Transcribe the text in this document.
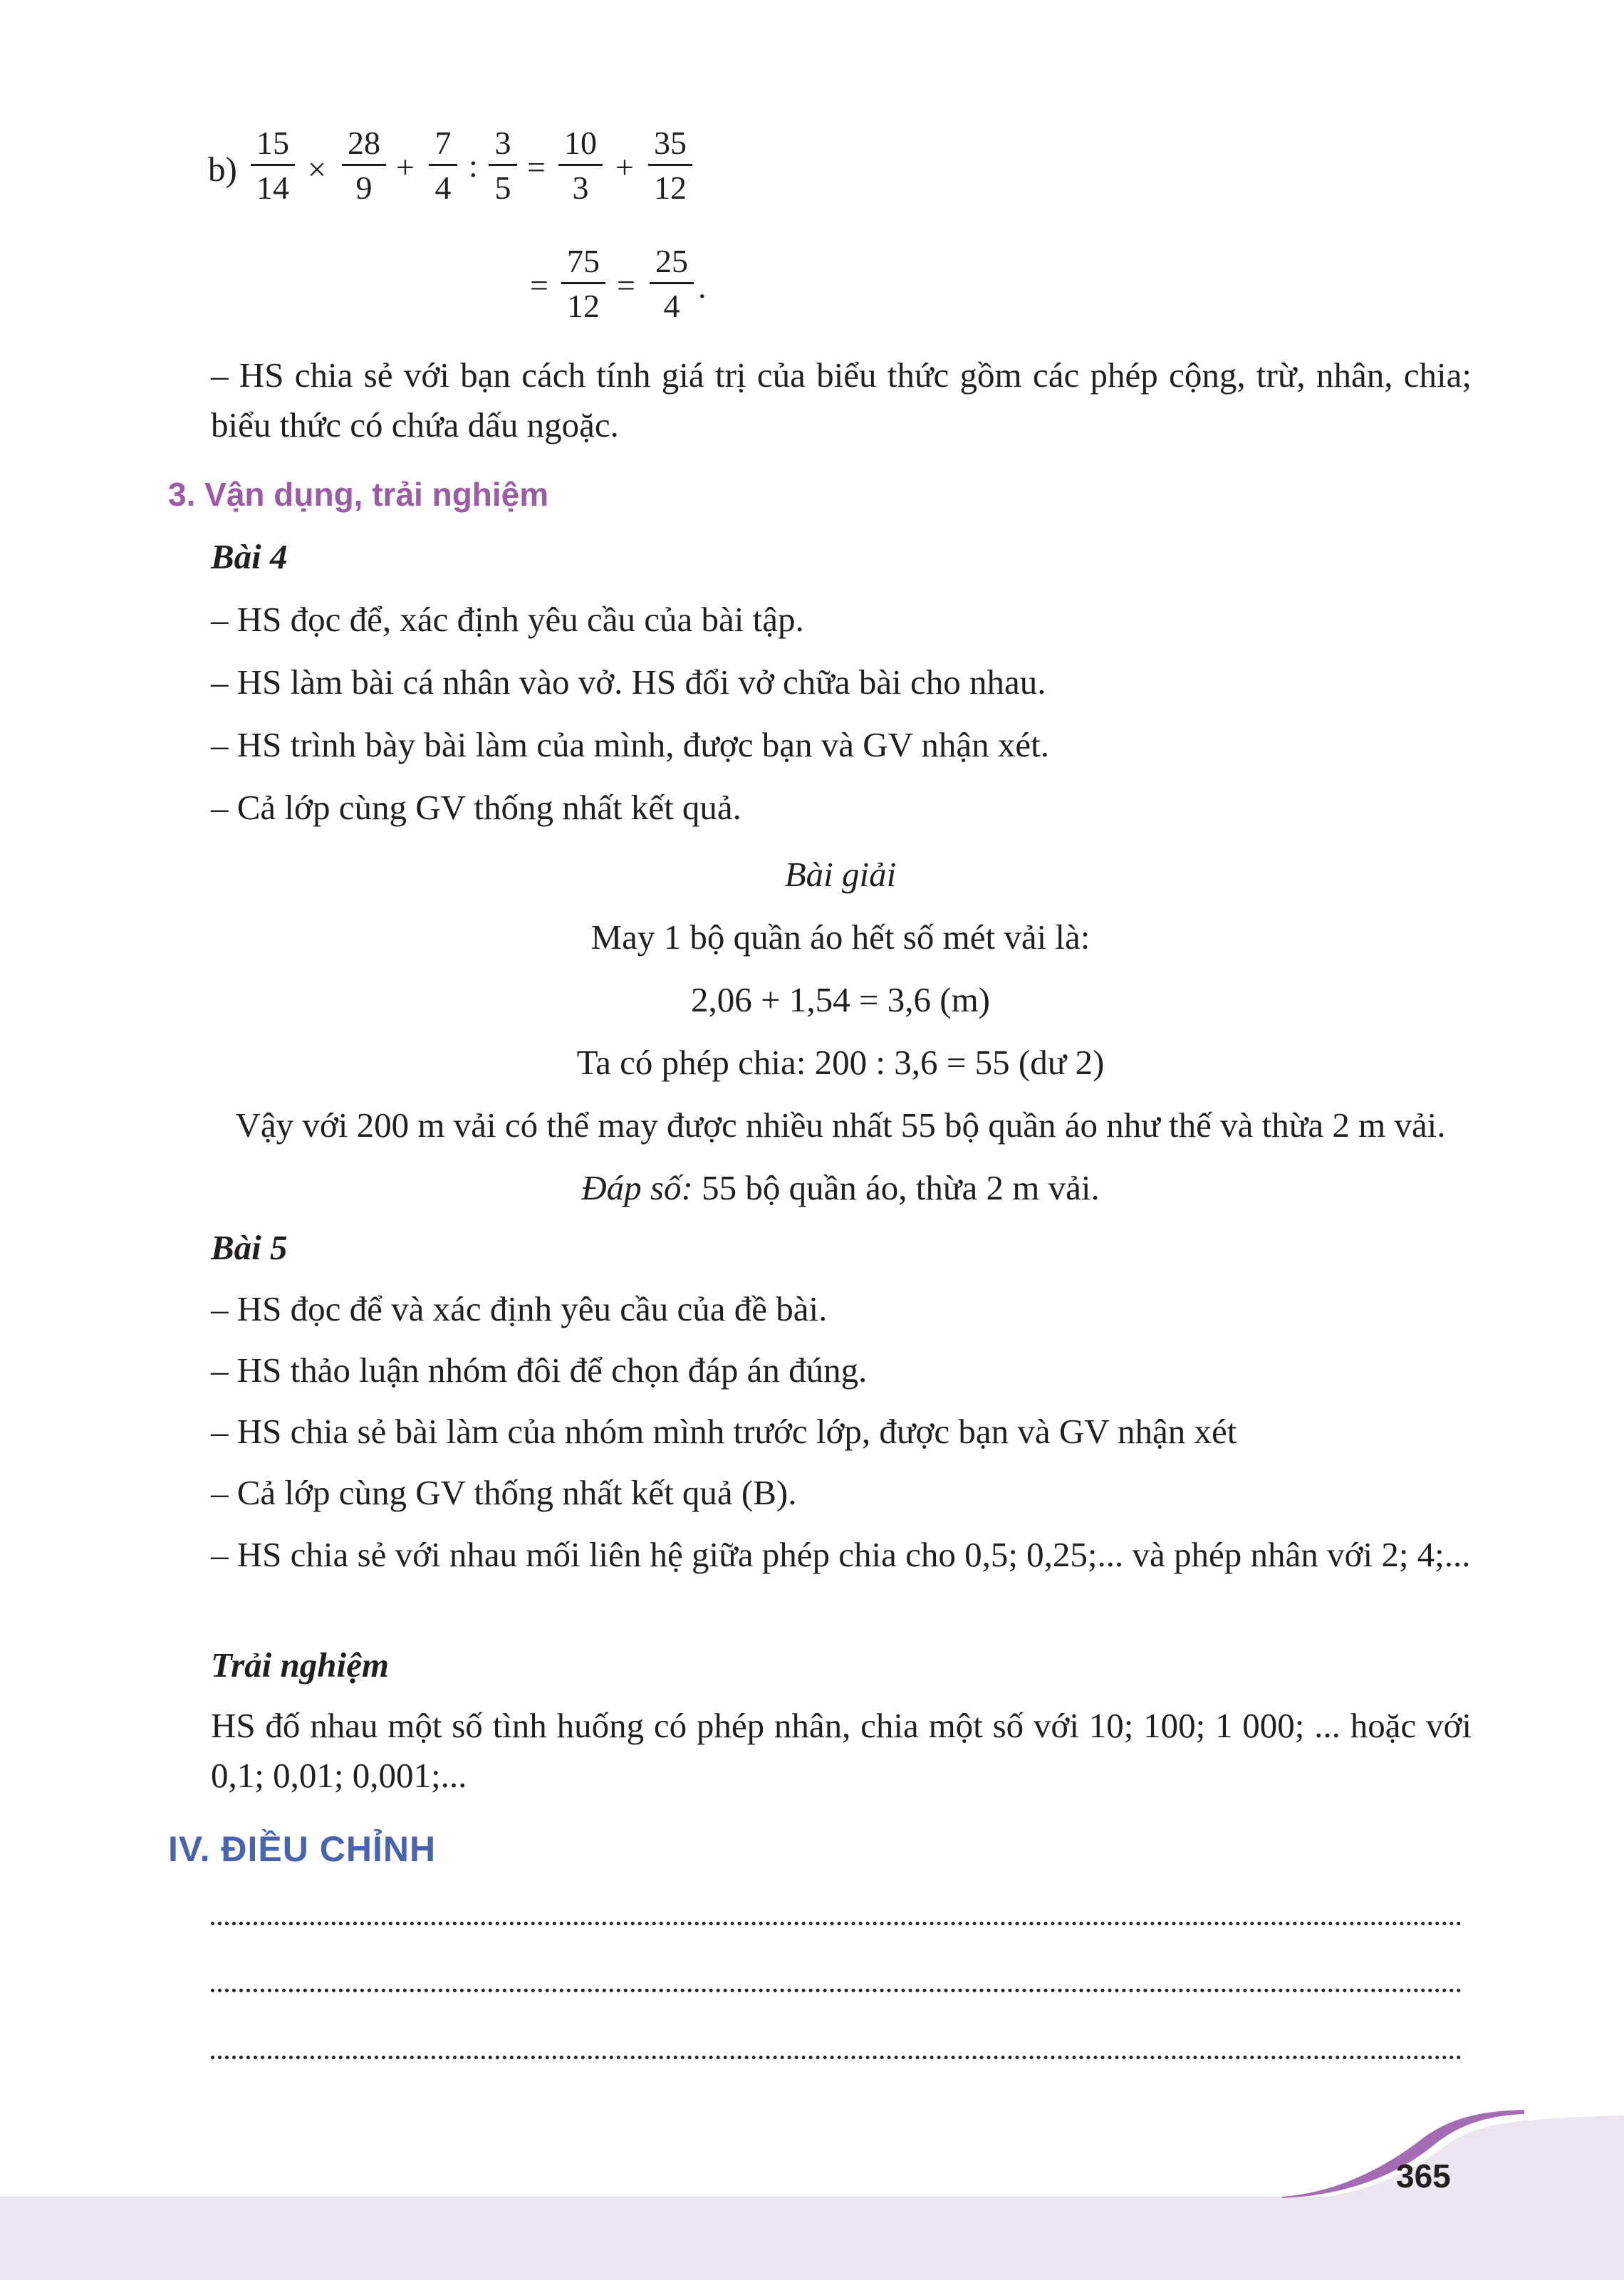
b)
15
14
×
28
9
+
7
4
:
3
5
=
10
3
+
35
12
=
75
12
=
25
4
.
– HS chia sẻ với bạn cách tính giá trị của biểu thức gồm các phép cộng, trừ, nhân, chia; biểu thức có chứa dấu ngoặc.
3. Vận dụng, trải nghiệm
Bài 4
– HS đọc để, xác định yêu cầu của bài tập.
– HS làm bài cá nhân vào vở. HS đổi vở chữa bài cho nhau.
– HS trình bày bài làm của mình, được bạn và GV nhận xét.
– Cả lớp cùng GV thống nhất kết quả.
Bài giải
May 1 bộ quần áo hết số mét vải là:
2,06 + 1,54 = 3,6 (m)
Ta có phép chia: 200 : 3,6 = 55 (dư 2)
Vậy với 200 m vải có thể may được nhiều nhất 55 bộ quần áo như thế và thừa 2 m vải.
Đáp số: 55 bộ quần áo, thừa 2 m vải.
Bài 5
– HS đọc để và xác định yêu cầu của đề bài.
– HS thảo luận nhóm đôi để chọn đáp án đúng.
– HS chia sẻ bài làm của nhóm mình trước lớp, được bạn và GV nhận xét
– Cả lớp cùng GV thống nhất kết quả (B).
– HS chia sẻ với nhau mối liên hệ giữa phép chia cho 0,5; 0,25;... và phép nhân với 2; 4;...
Trải nghiệm
HS đố nhau một số tình huống có phép nhân, chia một số với 10; 100; 1 000; ... hoặc với 0,1; 0,01; 0,001;...
IV. ĐIỀU CHỈNH
365
